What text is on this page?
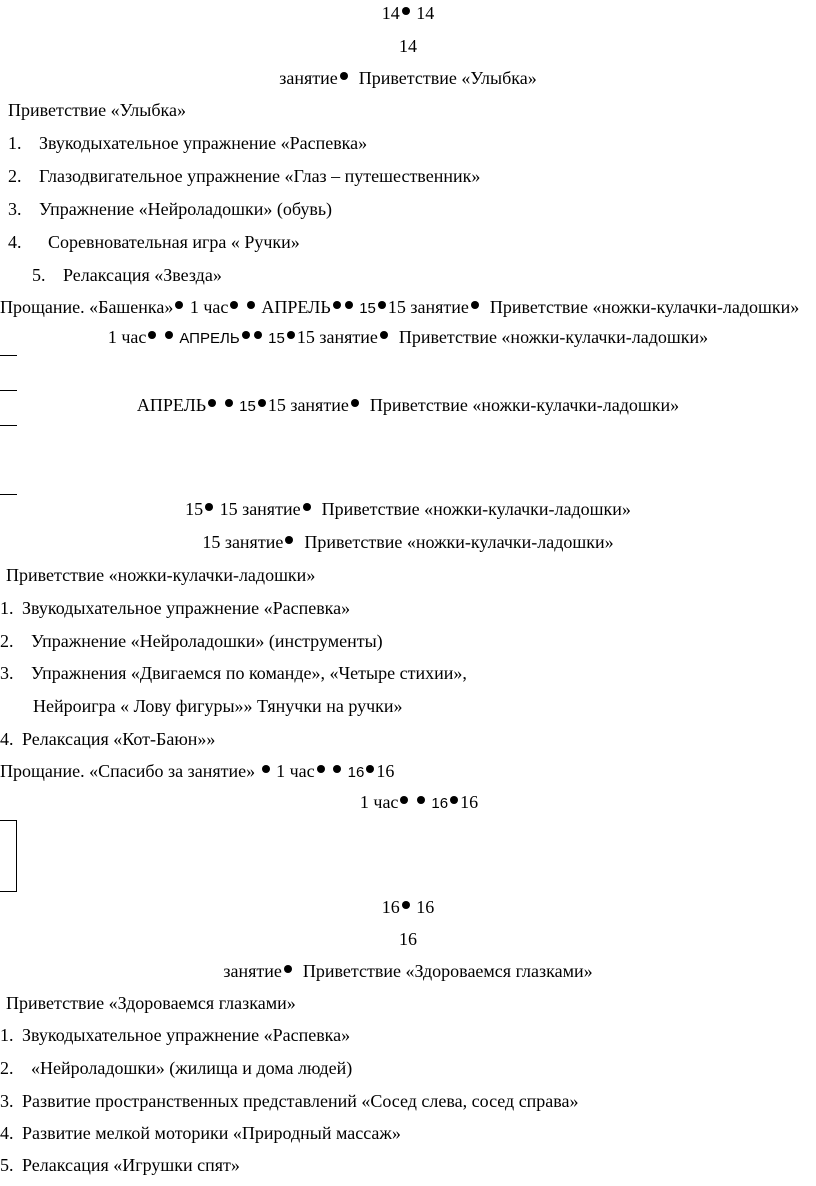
14 14
14
занятие Приветствие «Улыбка»
Приветствие «Улыбка»
1. Звукодыхательное упражнение «Распевка»
2. Глазодвигательное упражнение «Глаз – путешественник»
3. Упражнение «Нейроладошки» (обувь)
4. Соревновательная игра « Ручки»
5. Релаксация «Звезда»
Прощание. «Башенка» 1 час АПРЕЛЬ 15 15 занятие Приветствие «ножки-кулачки-ладошки»
1 час АПРЕЛЬ 15 15 занятие Приветствие «ножки-кулачки-ладошки»
АПРЕЛЬ 15 15 занятие Приветствие «ножки-кулачки-ладошки»
15 15 занятие Приветствие «ножки-кулачки-ладошки»
15 занятие Приветствие «ножки-кулачки-ладошки»
Приветствие «ножки-кулачки-ладошки»
1. Звукодыхательное упражнение «Распевка»
2. Упражнение «Нейроладошки» (инструменты)
3. Упражнения «Двигаемся по команде», «Четыре стихии»,
Нейроигра « Лову фигуры»» Тянучки на ручки»
4. Релаксация «Кот-Баюн»»
Прощание. «Спасибо за занятие» 1 час 16 16
1 час 16 16
16 16
16
занятие Приветствие «Здороваемся глазками»
Приветствие «Здороваемся глазками»
1. Звукодыхательное упражнение «Распевка»
2. «Нейроладошки» (жилища и дома людей)
3. Развитие пространственных представлений «Сосед слева, сосед справа»
4. Развитие мелкой моторики «Природный массаж»
5. Релаксация «Игрушки спят»
